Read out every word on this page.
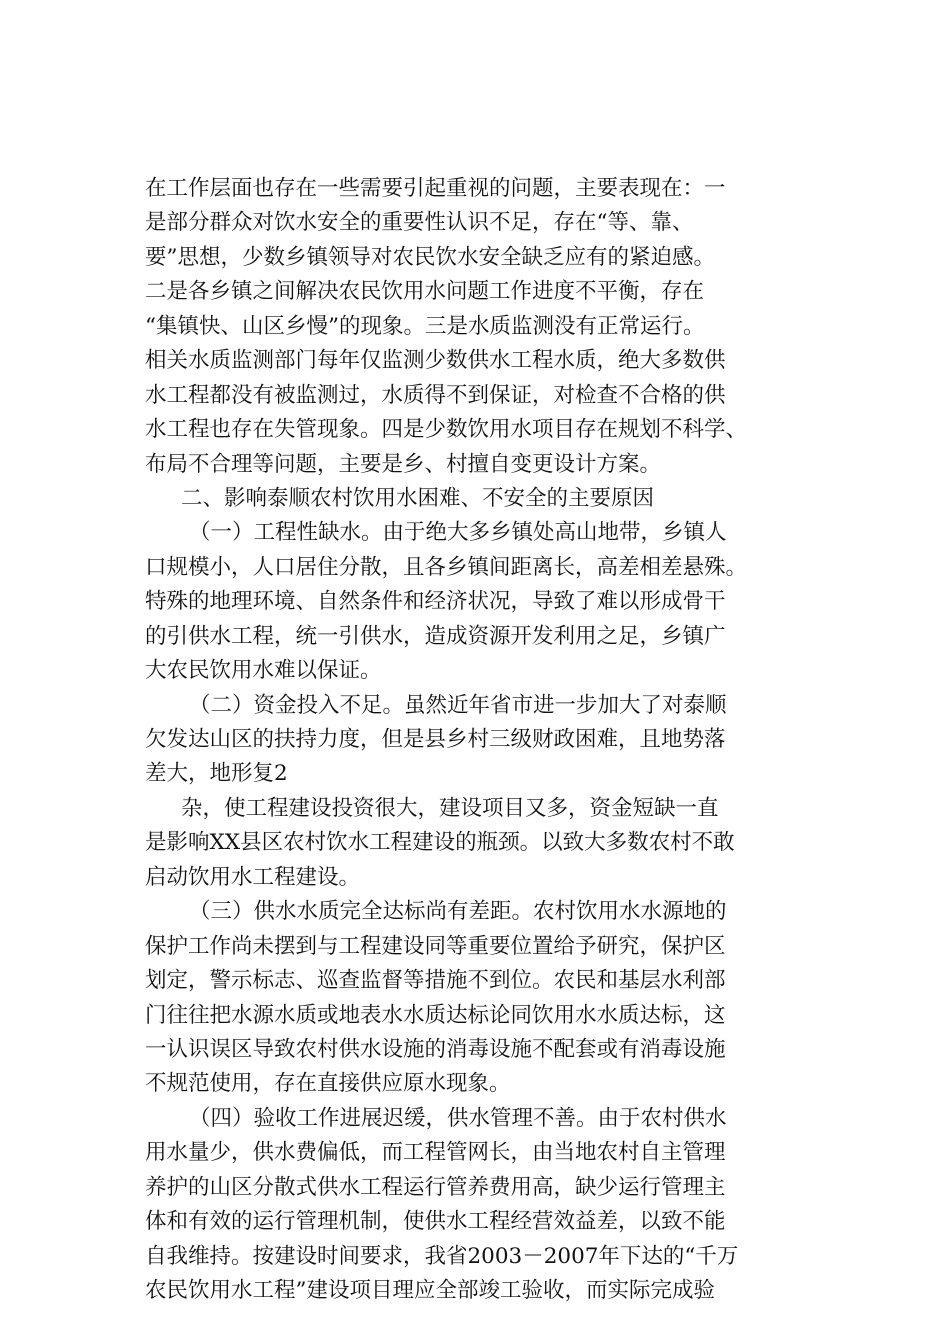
在工作层面也存在一些需要引起重视的问题，主要表现在：一
是部分群众对饮水安全的重要性认识不足，存在“等、靠、
要”思想，少数乡镇领导对农民饮水安全缺乏应有的紧迫感。
二是各乡镇之间解决农民饮用水问题工作进度不平衡，存在
“集镇快、山区乡慢”的现象。三是水质监测没有正常运行。
相关水质监测部门每年仅监测少数供水工程水质，绝大多数供
水工程都没有被监测过，水质得不到保证，对检查不合格的供
水工程也存在失管现象。四是少数饮用水项目存在规划不科学、
布局不合理等问题，主要是乡、村擅自变更设计方案。
二、影响泰顺农村饮用水困难、不安全的主要原因
（一）工程性缺水。由于绝大多乡镇处高山地带，乡镇人
口规模小，人口居住分散，且各乡镇间距离长，高差相差悬殊。
特殊的地理环境、自然条件和经济状况，导致了难以形成骨干
的引供水工程，统一引供水，造成资源开发利用之足，乡镇广
大农民饮用水难以保证。
（二）资金投入不足。虽然近年省市进一步加大了对泰顺
欠发达山区的扶持力度，但是县乡村三级财政困难，且地势落
差大，地形复2
杂，使工程建设投资很大，建设项目又多，资金短缺一直
是影响XX县区农村饮水工程建设的瓶颈。以致大多数农村不敢
启动饮用水工程建设。
（三）供水水质完全达标尚有差距。农村饮用水水源地的
保护工作尚未摆到与工程建设同等重要位置给予研究，保护区
划定，警示标志、巡查监督等措施不到位。农民和基层水利部
门往往把水源水质或地表水水质达标论同饮用水水质达标，这
一认识误区导致农村供水设施的消毒设施不配套或有消毒设施
不规范使用，存在直接供应原水现象。
（四）验收工作进展迟缓，供水管理不善。由于农村供水
用水量少，供水费偏低，而工程管网长，由当地农村自主管理
养护的山区分散式供水工程运行管养费用高，缺少运行管理主
体和有效的运行管理机制，使供水工程经营效益差，以致不能
自我维持。按建设时间要求，我省2003－2007年下达的“千万
农民饮用水工程”建设项目理应全部竣工验收，而实际完成验
